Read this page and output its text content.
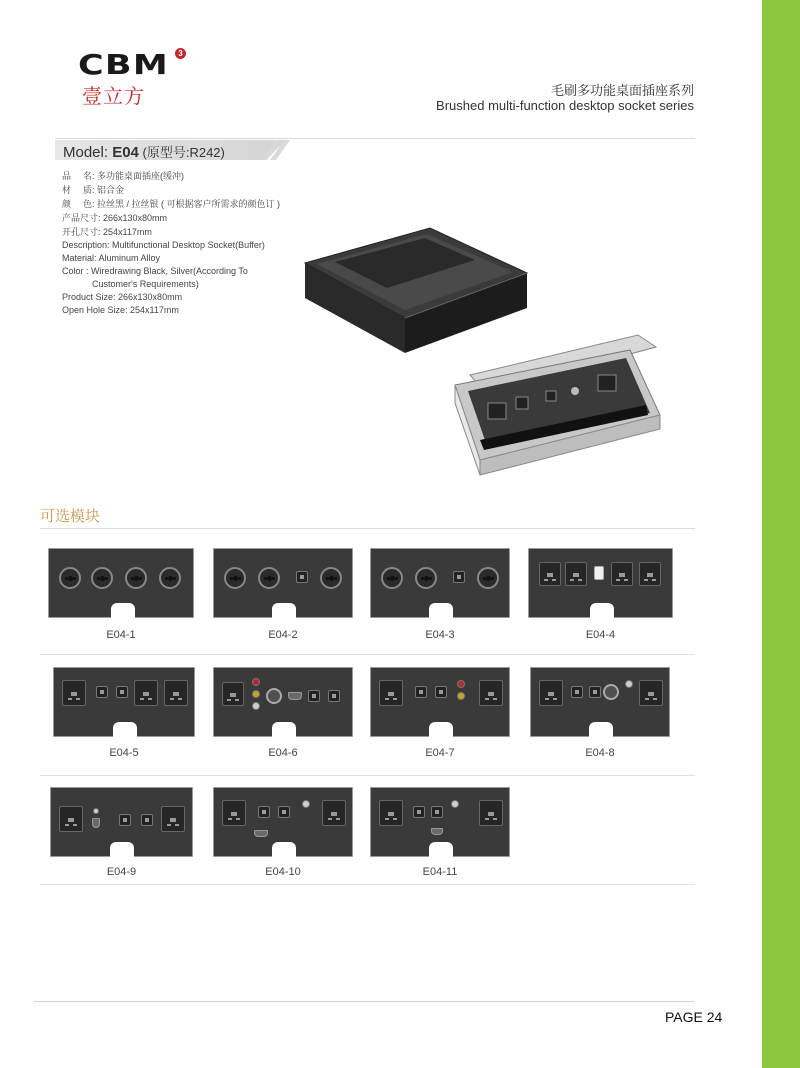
CBM	3
壹立方	毛刷多功能桌面插座系列
Brushed multi-function desktop socket series
Model: E04 (原型号:R242)
品名 : 多功能桌面插座(缓冲)
材质 : 铝合金
颜色 : 拉丝黑 / 拉丝银 ( 可根据客户所需求的颜色订 )
产品尺寸 : 266x130x80mm
开孔尺寸 : 254x117mm
Description: Multifunctional Desktop Socket(Buffer)
Material: Aluminum Alloy
Color : Wiredrawing Black, Silver(According To
Customer's Requirements)
Product Size: 266x130x80mm
Open Hole Size: 254x117mm
可选模块
E04-1	E04-2	E04-3	E04-4
E04-5	E04-6	E04-7	E04-8
E04-9	E04-10	E04-11
PAGE 24
